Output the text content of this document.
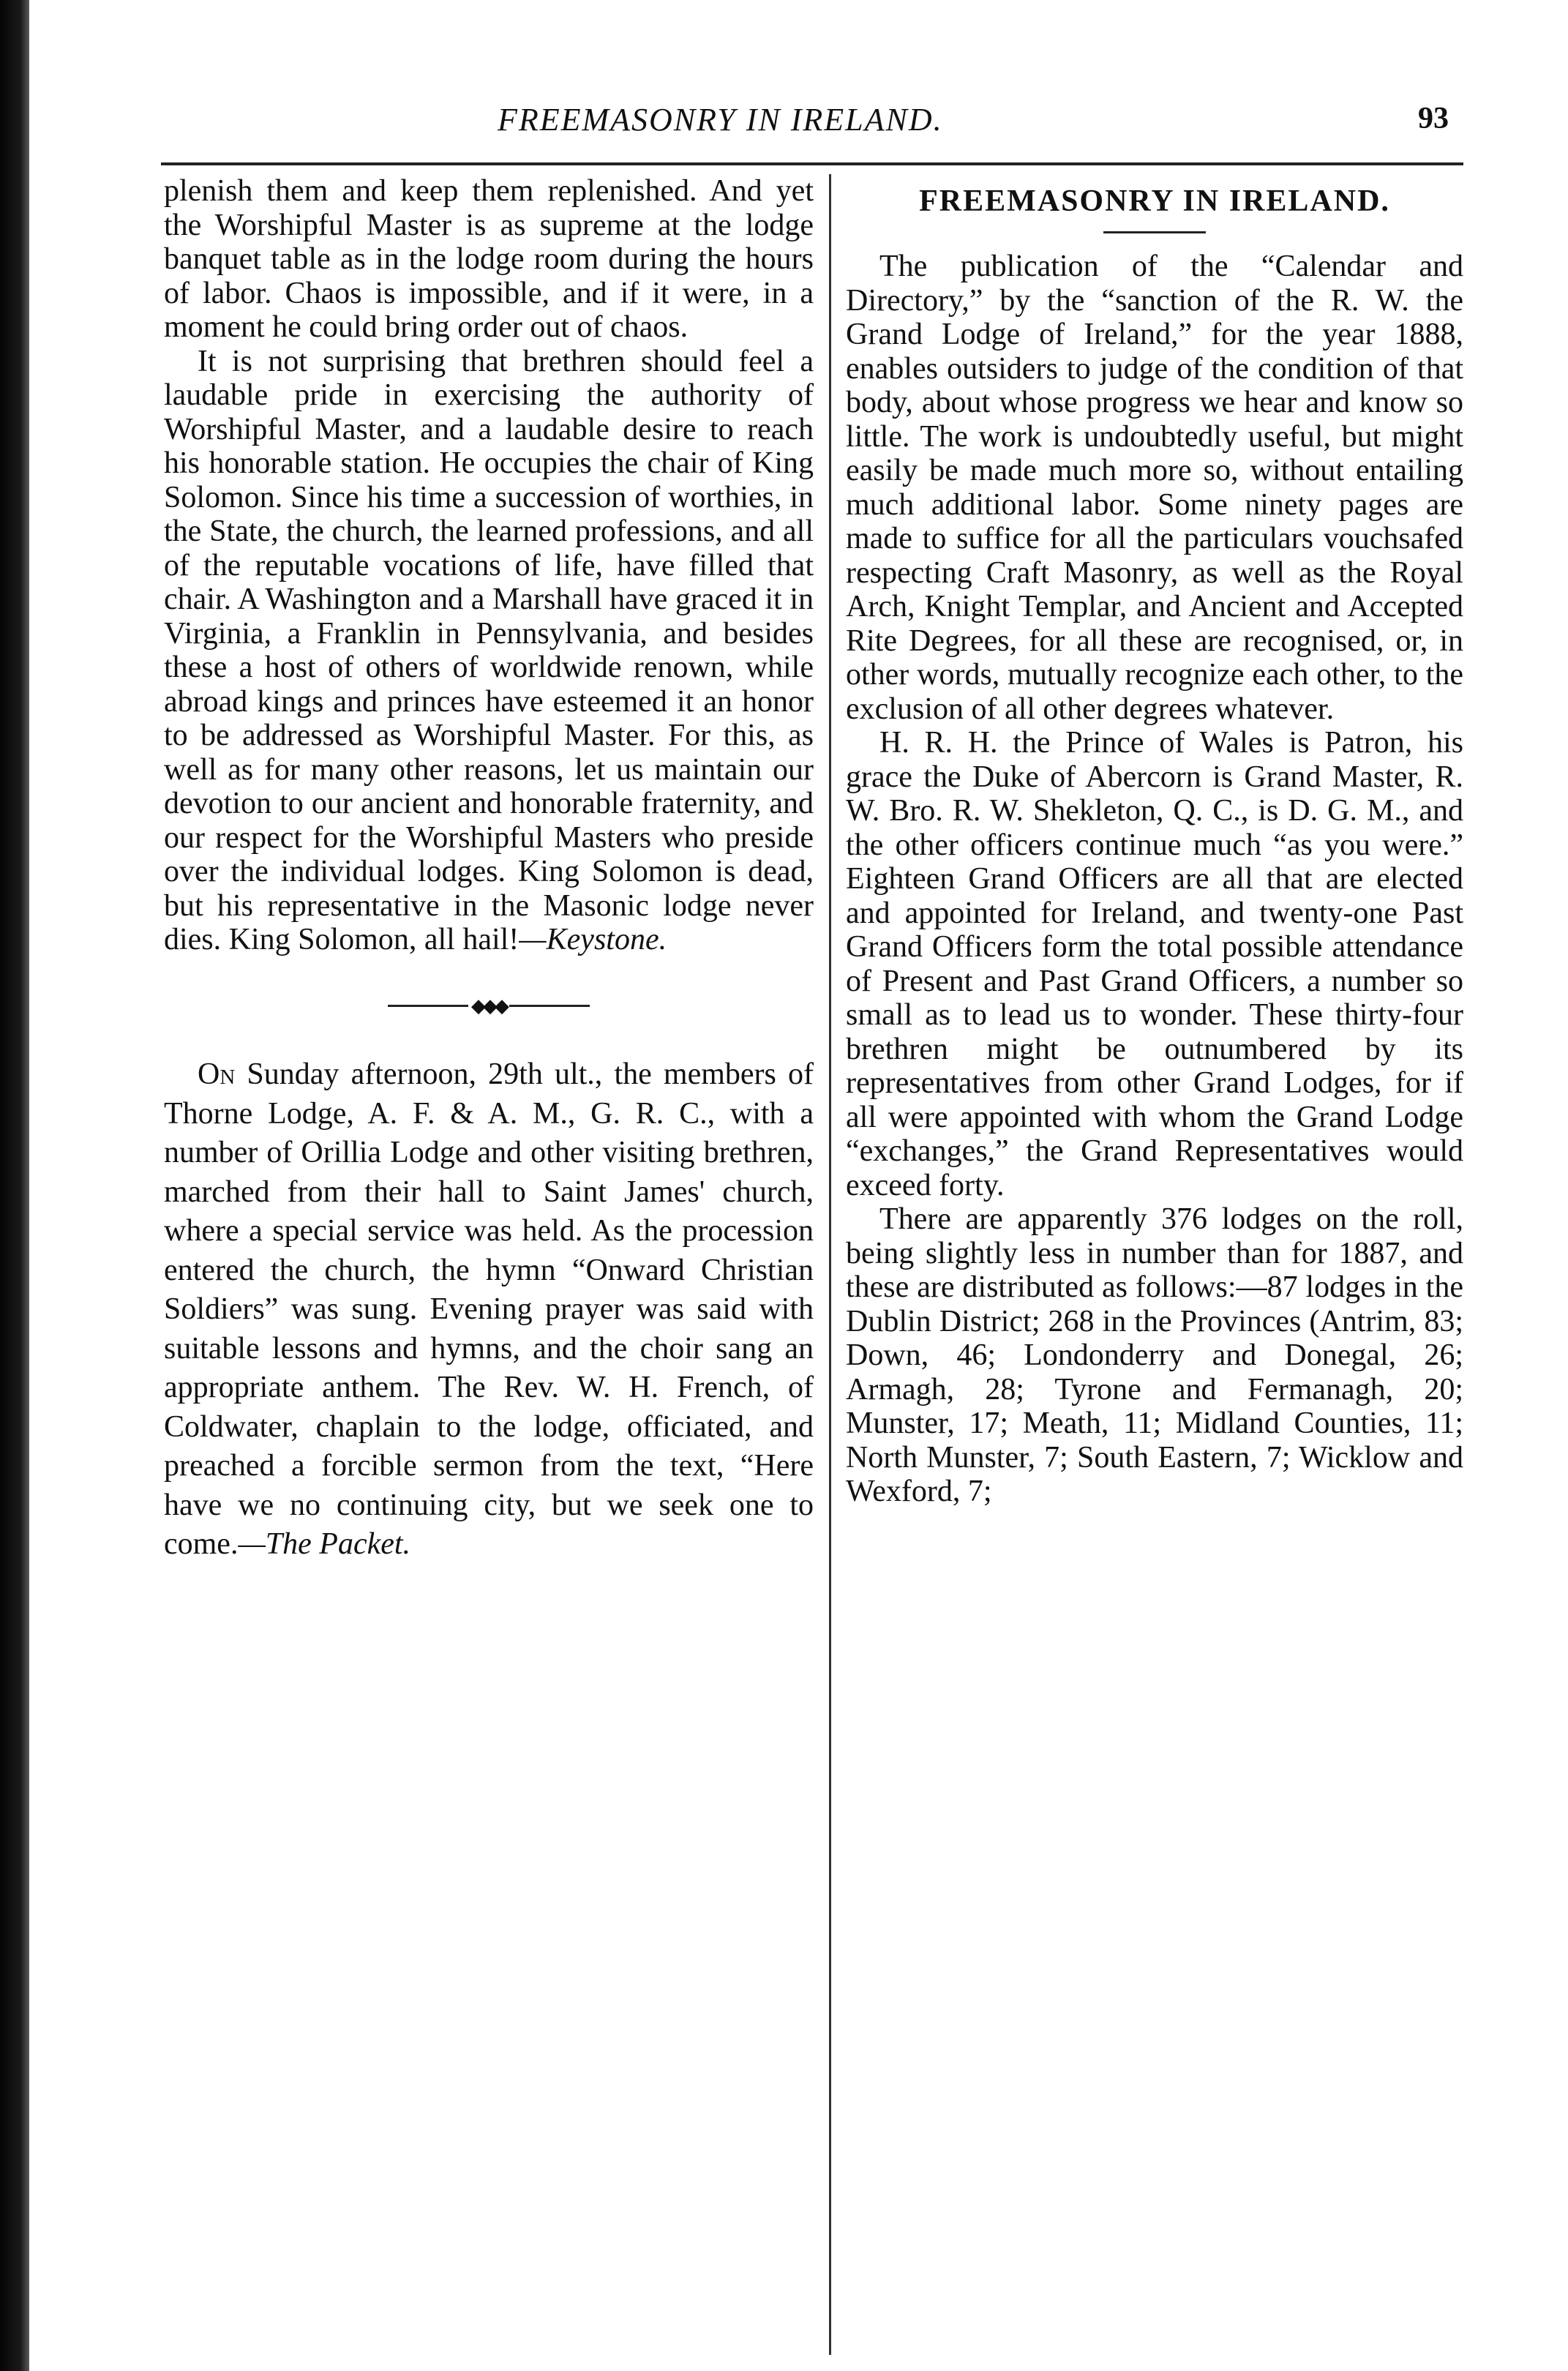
FREEMASONRY IN IRELAND.	93

plenish them and keep them replenished. And yet the Worshipful Master is as supreme at the lodge banquet table as in the lodge room during the hours of labor. Chaos is impossible, and if it were, in a moment he could bring order out of chaos.

It is not surprising that brethren should feel a laudable pride in exercising the authority of Worshipful Master, and a laudable desire to reach his honorable station. He occupies the chair of King Solomon. Since his time a succession of worthies, in the State, the church, the learned professions, and all of the reputable vocations of life, have filled that chair. A Washington and a Marshall have graced it in Virginia, a Franklin in Pennsylvania, and besides these a host of others of worldwide renown, while abroad kings and princes have esteemed it an honor to be addressed as Worshipful Master. For this, as well as for many other reasons, let us maintain our devotion to our ancient and honorable fraternity, and our respect for the Worshipful Masters who preside over the individual lodges. King Solomon is dead, but his representative in the Masonic lodge never dies. King Solomon, all hail!—Keystone.

◆◆◆

On Sunday afternoon, 29th ult., the members of Thorne Lodge, A. F. & A. M., G. R. C., with a number of Orillia Lodge and other visiting brethren, marched from their hall to Saint James' church, where a special service was held. As the procession entered the church, the hymn “Onward Christian Soldiers” was sung. Evening prayer was said with suitable lessons and hymns, and the choir sang an appropriate anthem. The Rev. W. H. French, of Coldwater, chaplain to the lodge, officiated, and preached a forcible sermon from the text, “Here have we no continuing city, but we seek one to come.—The Packet.

FREEMASONRY IN IRELAND.

The publication of the “Calendar and Directory,” by the “sanction of the R. W. the Grand Lodge of Ireland,” for the year 1888, enables outsiders to judge of the condition of that body, about whose progress we hear and know so little. The work is undoubtedly useful, but might easily be made much more so, without entailing much additional labor. Some ninety pages are made to suffice for all the particulars vouchsafed respecting Craft Masonry, as well as the Royal Arch, Knight Templar, and Ancient and Accepted Rite Degrees, for all these are recognised, or, in other words, mutually recognize each other, to the exclusion of all other degrees whatever.

H. R. H. the Prince of Wales is Patron, his grace the Duke of Abercorn is Grand Master, R. W. Bro. R. W. Shekleton, Q. C., is D. G. M., and the other officers continue much “as you were.” Eighteen Grand Officers are all that are elected and appointed for Ireland, and twenty-one Past Grand Officers form the total possible attendance of Present and Past Grand Officers, a number so small as to lead us to wonder. These thirty-four brethren might be outnumbered by its representatives from other Grand Lodges, for if all were appointed with whom the Grand Lodge “exchanges,” the Grand Representatives would exceed forty.

There are apparently 376 lodges on the roll, being slightly less in number than for 1887, and these are distributed as follows:—87 lodges in the Dublin District; 268 in the Provinces (Antrim, 83; Down, 46; Londonderry and Donegal, 26; Armagh, 28; Tyrone and Fermanagh, 20; Munster, 17; Meath, 11; Midland Counties, 11; North Munster, 7; South Eastern, 7; Wicklow and Wexford, 7;
